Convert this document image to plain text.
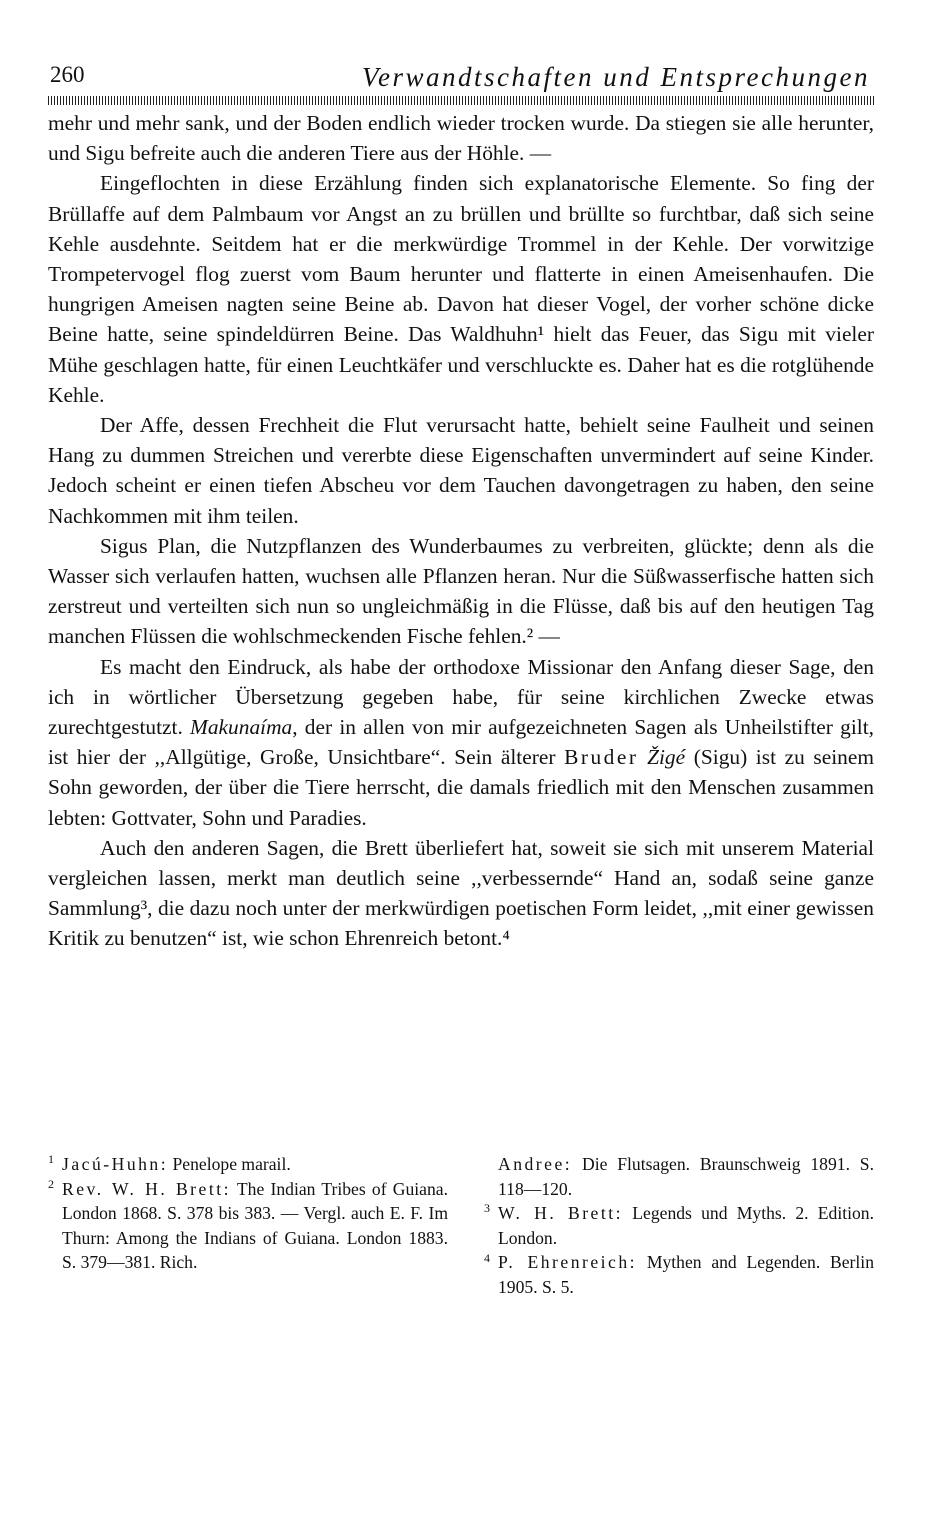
260	Verwandtschaften und Entsprechungen

mehr und mehr sank, und der Boden endlich wieder trocken wurde. Da stiegen sie alle herunter, und Sigu befreite auch die anderen Tiere aus der Höhle. —

Eingeflochten in diese Erzählung finden sich explanatorische Elemente. So fing der Brüllaffe auf dem Palmbaum vor Angst an zu brüllen und brüllte so furchtbar, daß sich seine Kehle ausdehnte. Seitdem hat er die merkwürdige Trommel in der Kehle. Der vorwitzige Trompetervogel flog zuerst vom Baum herunter und flatterte in einen Ameisenhaufen. Die hungrigen Ameisen nagten seine Beine ab. Davon hat dieser Vogel, der vorher schöne dicke Beine hatte, seine spindeldürren Beine. Das Waldhuhn¹ hielt das Feuer, das Sigu mit vieler Mühe geschlagen hatte, für einen Leuchtkäfer und verschluckte es. Daher hat es die rotglühende Kehle.

Der Affe, dessen Frechheit die Flut verursacht hatte, behielt seine Faulheit und seinen Hang zu dummen Streichen und vererbte diese Eigenschaften unvermindert auf seine Kinder. Jedoch scheint er einen tiefen Abscheu vor dem Tauchen davongetragen zu haben, den seine Nachkommen mit ihm teilen.

Sigus Plan, die Nutzpflanzen des Wunderbaumes zu verbreiten, glückte; denn als die Wasser sich verlaufen hatten, wuchsen alle Pflanzen heran. Nur die Süßwasserfische hatten sich zerstreut und verteilten sich nun so ungleichmäßig in die Flüsse, daß bis auf den heutigen Tag manchen Flüssen die wohlschmeckenden Fische fehlen.² —

Es macht den Eindruck, als habe der orthodoxe Missionar den Anfang dieser Sage, den ich in wörtlicher Übersetzung gegeben habe, für seine kirchlichen Zwecke etwas zurechtgestutzt. Makunaíma, der in allen von mir aufgezeichneten Sagen als Unheilstifter gilt, ist hier der ,,Allgütige, Große, Unsichtbare“. Sein älterer Bruder Žigé (Sigu) ist zu seinem Sohn geworden, der über die Tiere herrscht, die damals friedlich mit den Menschen zusammen lebten: Gottvater, Sohn und Paradies.

Auch den anderen Sagen, die Brett überliefert hat, soweit sie sich mit unserem Material vergleichen lassen, merkt man deutlich seine ,,verbessernde“ Hand an, sodaß seine ganze Sammlung³, die dazu noch unter der merkwürdigen poetischen Form leidet, ,,mit einer gewissen Kritik zu benutzen“ ist, wie schon Ehrenreich betont.⁴

1 Jacú-Huhn: Penelope marail.

2 Rev. W. H. Brett: The Indian Tribes of Guiana. London 1868. S. 378 bis 383. — Vergl. auch E. F. Im Thurn: Among the Indians of Guiana. London 1883. S. 379—381. Rich.

Andree: Die Flutsagen. Braunschweig 1891. S. 118—120.

3 W. H. Brett: Legends und Myths. 2. Edition. London.

4 P. Ehrenreich: Mythen and Legenden. Berlin 1905. S. 5.
